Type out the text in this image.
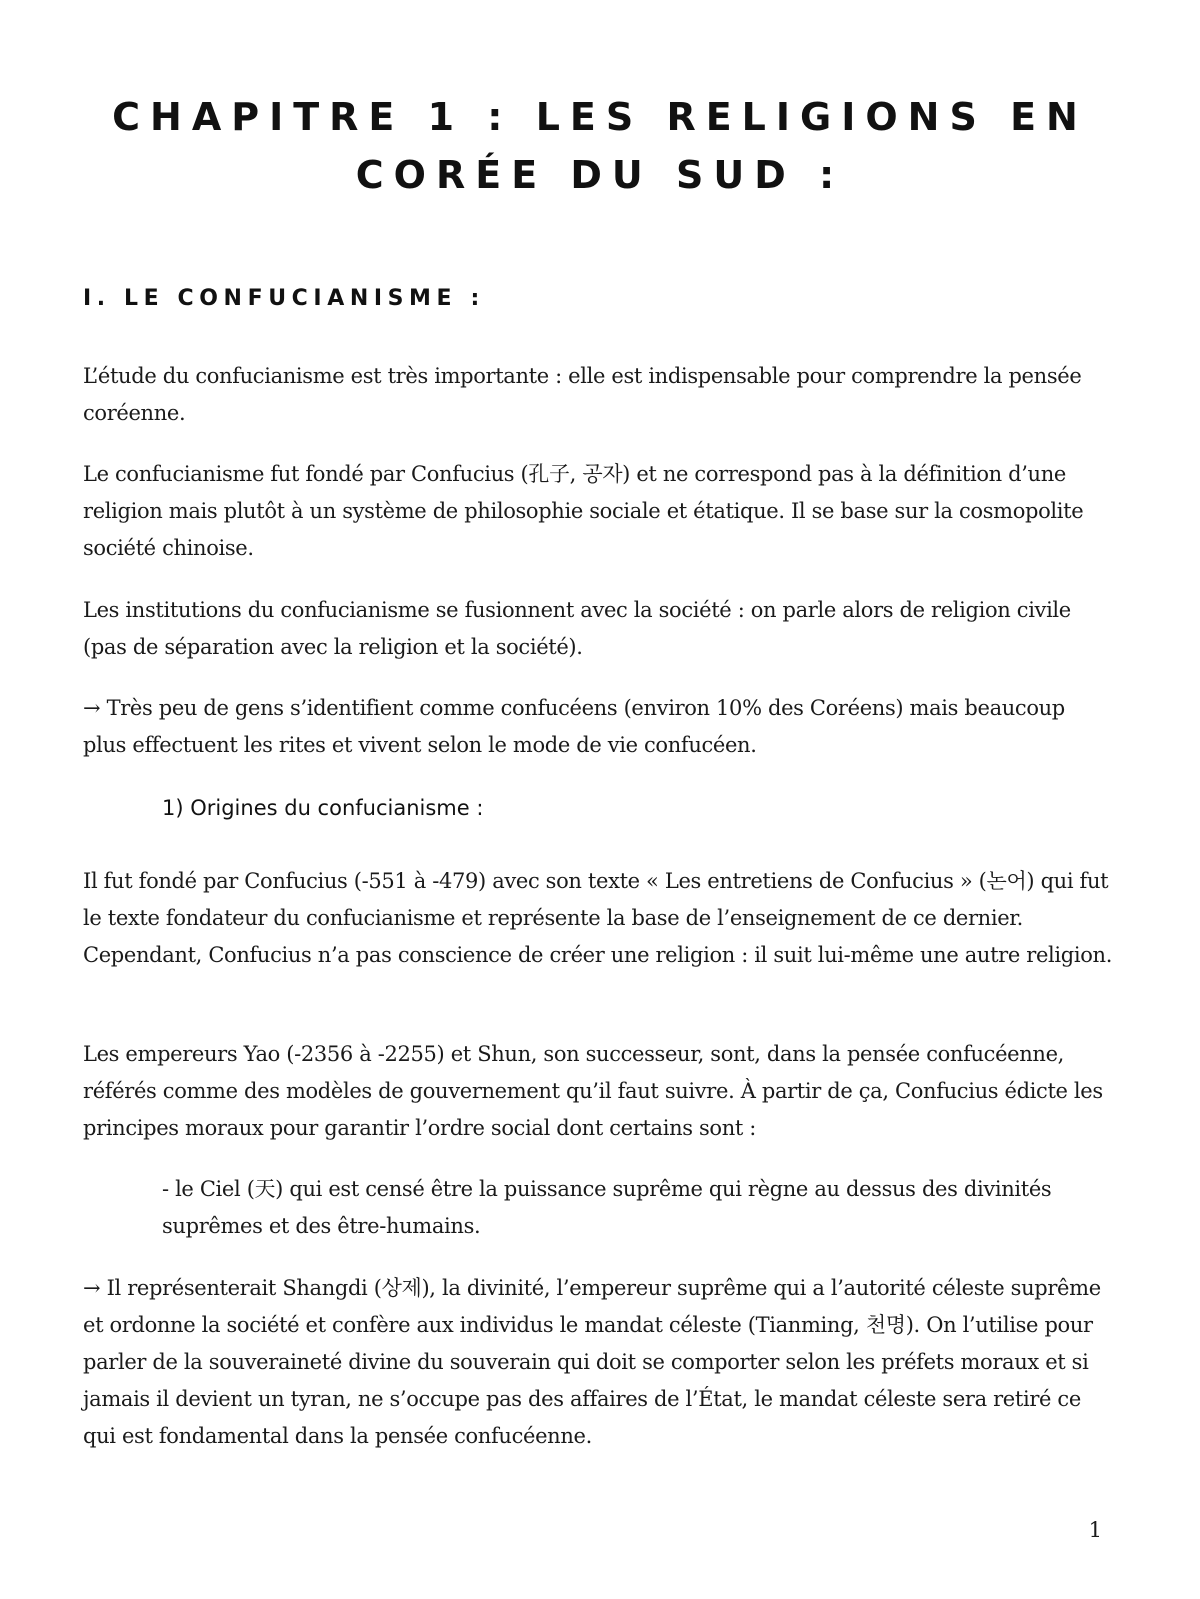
CHAPITRE 1 : LES RELIGIONS EN
CORÉE DU SUD :
I. LE CONFUCIANISME :

L’étude du confucianisme est très importante : elle est indispensable pour comprendre la pensée coréenne.

Le confucianisme fut fondé par Confucius (孔子, 공자) et ne correspond pas à la définition d’une religion mais plutôt à un système de philosophie sociale et étatique. Il se base sur la cosmopolite société chinoise.

Les institutions du confucianisme se fusionnent avec la société : on parle alors de religion civile (pas de séparation avec la religion et la société).

→ Très peu de gens s’identifient comme confucéens (environ 10% des Coréens) mais beaucoup plus effectuent les rites et vivent selon le mode de vie confucéen.

1) Origines du confucianisme :

Il fut fondé par Confucius (-551 à -479) avec son texte « Les entretiens de Confucius » (논어) qui fut le texte fondateur du confucianisme et représente la base de l’enseignement de ce dernier. Cependant, Confucius n’a pas conscience de créer une religion : il suit lui-même une autre religion.

Les empereurs Yao (-2356 à -2255) et Shun, son successeur, sont, dans la pensée confucéenne, référés comme des modèles de gouvernement qu’il faut suivre. À partir de ça, Confucius édicte les principes moraux pour garantir l’ordre social dont certains sont :

- le Ciel (天) qui est censé être la puissance suprême qui règne au dessus des divinités suprêmes et des être-humains.

→ Il représenterait Shangdi (상제), la divinité, l’empereur suprême qui a l’autorité céleste suprême et ordonne la société et confère aux individus le mandat céleste (Tianming, 천명). On l’utilise pour parler de la souveraineté divine du souverain qui doit se comporter selon les préfets moraux et si jamais il devient un tyran, ne s’occupe pas des affaires de l’État, le mandat céleste sera retiré ce qui est fondamental dans la pensée confucéenne.

1
